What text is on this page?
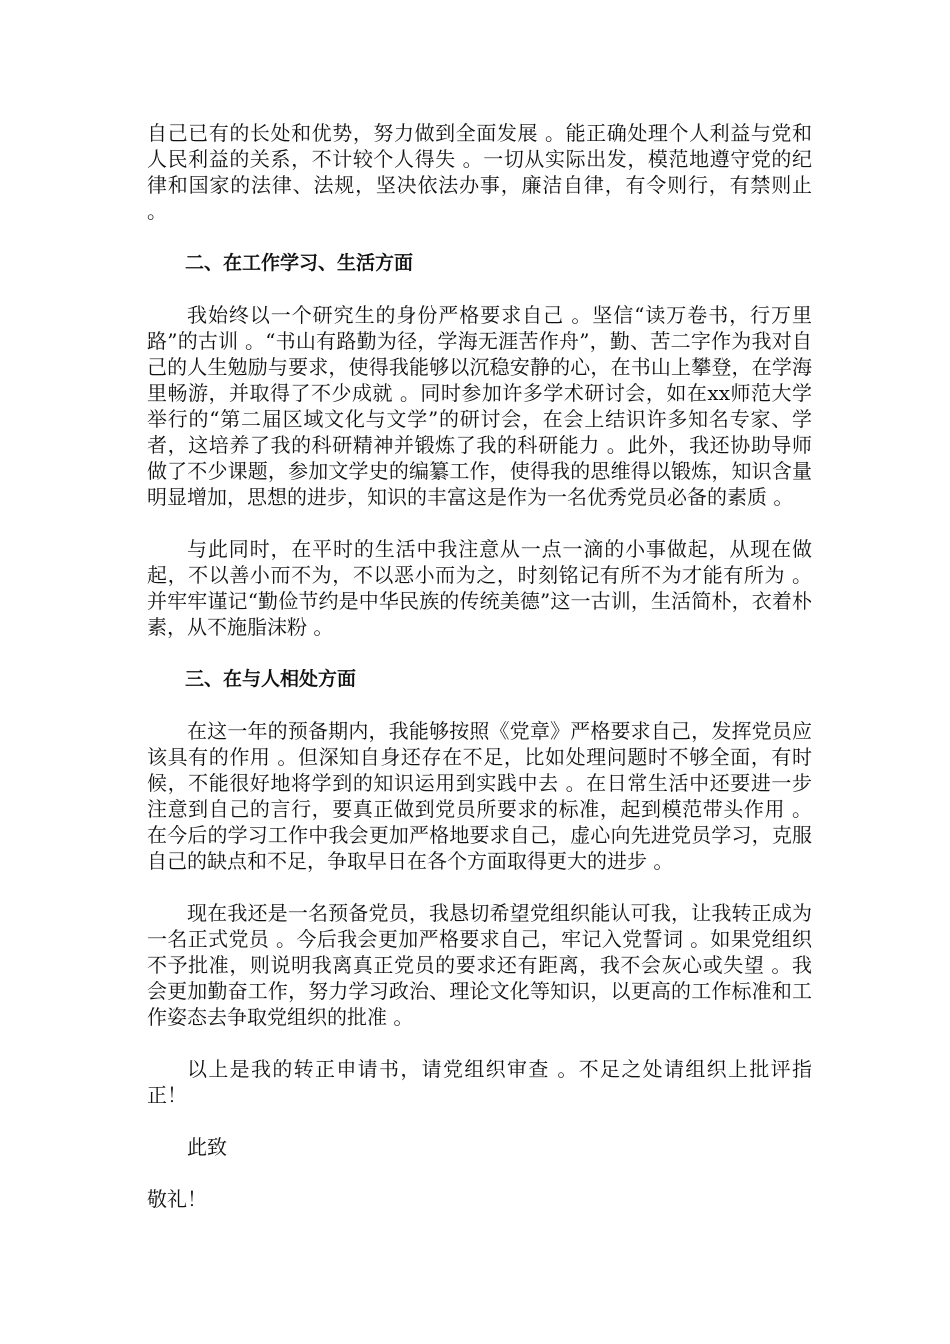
自己已有的长处和优势，努力做到全面发展 。能正确处理个人利益与党和人民利益的关系，不计较个人得失 。一切从实际出发，模范地遵守党的纪律和国家的法律、法规，坚决依法办事，廉洁自律，有令则行，有禁则止 。

二、在工作学习、生活方面

我始终以一个研究生的身份严格要求自己 。坚信“读万卷书，行万里路”的古训 。“书山有路勤为径，学海无涯苦作舟”，勤、苦二字作为我对自己的人生勉励与要求，使得我能够以沉稳安静的心，在书山上攀登，在学海里畅游，并取得了不少成就 。同时参加许多学术研讨会，如在xx师范大学举行的“第二届区域文化与文学”的研讨会，在会上结识许多知名专家、学者，这培养了我的科研精神并锻炼了我的科研能力 。此外，我还协助导师做了不少课题，参加文学史的编纂工作，使得我的思维得以锻炼，知识含量明显增加，思想的进步，知识的丰富这是作为一名优秀党员必备的素质 。

与此同时，在平时的生活中我注意从一点一滴的小事做起，从现在做起，不以善小而不为，不以恶小而为之，时刻铭记有所不为才能有所为 。并牢牢谨记“勤俭节约是中华民族的传统美德”这一古训，生活简朴，衣着朴素，从不施脂沫粉 。

三、在与人相处方面

在这一年的预备期内，我能够按照《党章》严格要求自己，发挥党员应该具有的作用 。但深知自身还存在不足，比如处理问题时不够全面，有时候，不能很好地将学到的知识运用到实践中去 。在日常生活中还要进一步注意到自己的言行，要真正做到党员所要求的标准，起到模范带头作用 。在今后的学习工作中我会更加严格地要求自己，虚心向先进党员学习，克服自己的缺点和不足，争取早日在各个方面取得更大的进步 。

现在我还是一名预备党员，我恳切希望党组织能认可我，让我转正成为一名正式党员 。今后我会更加严格要求自己，牢记入党誓词 。如果党组织不予批准，则说明我离真正党员的要求还有距离，我不会灰心或失望 。我会更加勤奋工作，努力学习政治、理论文化等知识，以更高的工作标准和工作姿态去争取党组织的批准 。

以上是我的转正申请书，请党组织审查 。不足之处请组织上批评指正！

此致

敬礼！
